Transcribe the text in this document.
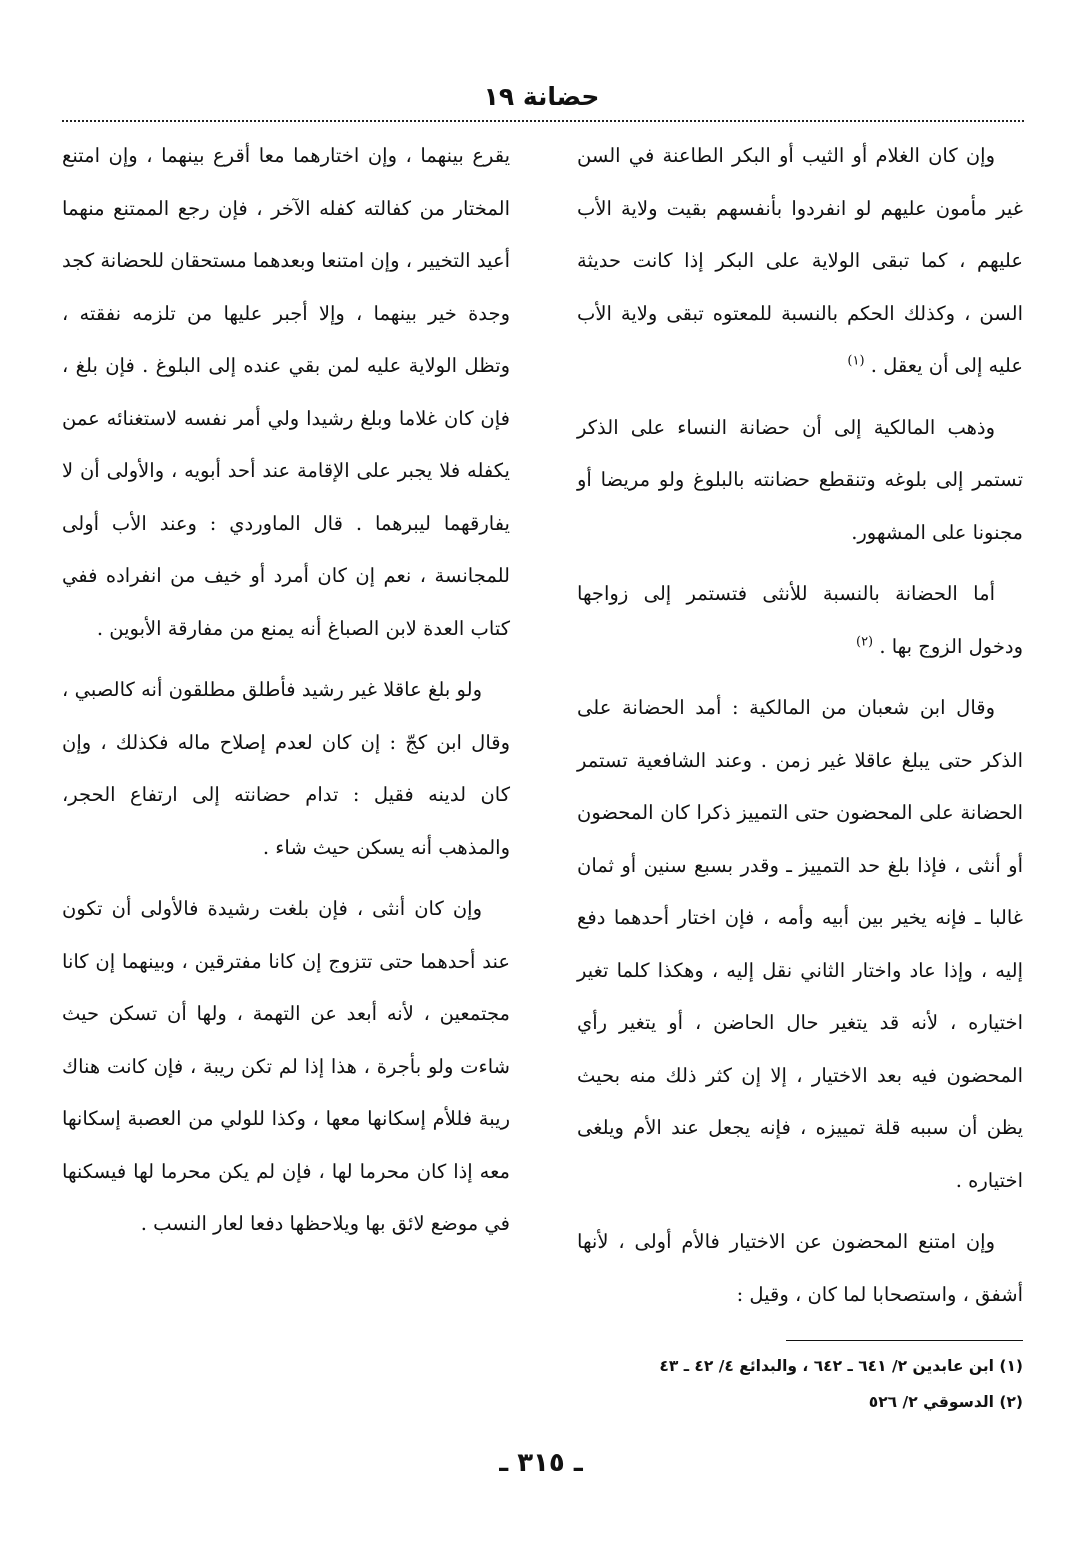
حضانة ١٩

وإن كان الغلام أو الثيب أو البكر الطاعنة في السن غير مأمون عليهم لو انفردوا بأنفسهم بقيت ولاية الأب عليهم ، كما تبقى الولاية على البكر إذا كانت حديثة السن ، وكذلك الحكم بالنسبة للمعتوه تبقى ولاية الأب عليه إلى أن يعقل . $^{(١)}$

وذهب المالكية إلى أن حضانة النساء على الذكر تستمر إلى بلوغه وتنقطع حضانته بالبلوغ ولو مريضا أو مجنونا على المشهور.

أما الحضانة بالنسبة للأنثى فتستمر إلى زواجها ودخول الزوج بها . $^{(٢)}$

وقال ابن شعبان من المالكية : أمد الحضانة على الذكر حتى يبلغ عاقلا غير زمن . وعند الشافعية تستمر الحضانة على المحضون حتى التمييز ذكرا كان المحضون أو أنثى ، فإذا بلغ حد التمييز ـ وقدر بسبع سنين أو ثمان غالبا ـ فإنه يخير بين أبيه وأمه ، فإن اختار أحدهما دفع إليه ، وإذا عاد واختار الثاني نقل إليه ، وهكذا كلما تغير اختياره ، لأنه قد يتغير حال الحاضن ، أو يتغير رأي المحضون فيه بعد الاختيار ، إلا إن كثر ذلك منه بحيث يظن أن سببه قلة تمييزه ، فإنه يجعل عند الأم ويلغى اختياره .

وإن امتنع المحضون عن الاختيار فالأم أولى ، لأنها أشفق ، واستصحابا لما كان ، وقيل :

يقرع بينهما ، وإن اختارهما معا أقرع بينهما ، وإن امتنع المختار من كفالته كفله الآخر ، فإن رجع الممتنع منهما أعيد التخيير ، وإن امتنعا وبعدهما مستحقان للحضانة كجد وجدة خير بينهما ، وإلا أجبر عليها من تلزمه نفقته ، وتظل الولاية عليه لمن بقي عنده إلى البلوغ . فإن بلغ ، فإن كان غلاما وبلغ رشيدا ولي أمر نفسه لاستغنائه عمن يكفله فلا يجبر على الإقامة عند أحد أبويه ، والأولى أن لا يفارقهما ليبرهما . قال الماوردي : وعند الأب أولى للمجانسة ، نعم إن كان أمرد أو خيف من انفراده ففي كتاب العدة لابن الصباغ أنه يمنع من مفارقة الأبوين .

ولو بلغ عاقلا غير رشيد فأطلق مطلقون أنه كالصبي ، وقال ابن كجّ : إن كان لعدم إصلاح ماله فكذلك ، وإن كان لدينه فقيل : تدام حضانته إلى ارتفاع الحجر، والمذهب أنه يسكن حيث شاء .

وإن كان أنثى ، فإن بلغت رشيدة فالأولى أن تكون عند أحدهما حتى تتزوج إن كانا مفترقين ، وبينهما إن كانا مجتمعين ، لأنه أبعد عن التهمة ، ولها أن تسكن حيث شاءت ولو بأجرة ، هذا إذا لم تكن ريبة ، فإن كانت هناك ريبة فللأم إسكانها معها ، وكذا للولي من العصبة إسكانها معه إذا كان محرما لها ، فإن لم يكن محرما لها فيسكنها في موضع لائق بها ويلاحظها دفعا لعار النسب .

(١) ابن عابدين ٢/ ٦٤١ ـ ٦٤٢ ، والبدائع ٤/ ٤٢ ـ ٤٣
(٢) الدسوقي ٢/ ٥٢٦
ـ ٣١٥ ـ
